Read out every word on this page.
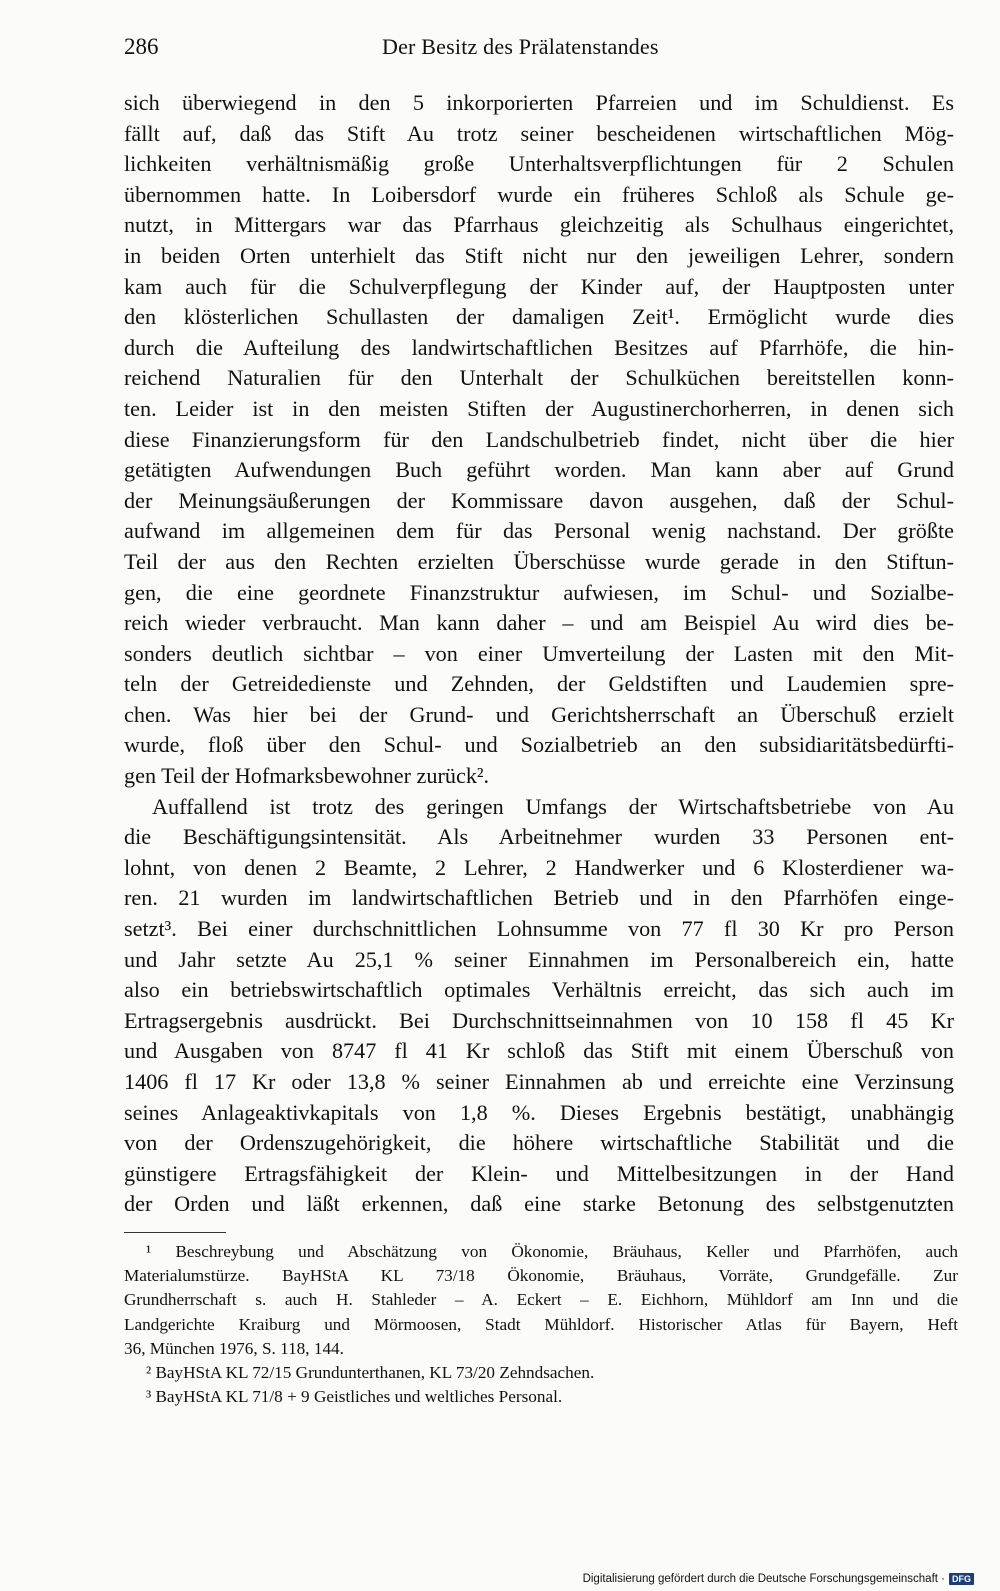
286	Der Besitz des Prälatenstandes
sich überwiegend in den 5 inkorporierten Pfarreien und im Schuldienst. Es
fällt auf, daß das Stift Au trotz seiner bescheidenen wirtschaftlichen Mög-
lichkeiten verhältnismäßig große Unterhaltsverpflichtungen für 2 Schulen
übernommen hatte. In Loibersdorf wurde ein früheres Schloß als Schule ge-
nutzt, in Mittergars war das Pfarrhaus gleichzeitig als Schulhaus eingerichtet,
in beiden Orten unterhielt das Stift nicht nur den jeweiligen Lehrer, sondern
kam auch für die Schulverpflegung der Kinder auf, der Hauptposten unter
den klösterlichen Schullasten der damaligen Zeit¹. Ermöglicht wurde dies
durch die Aufteilung des landwirtschaftlichen Besitzes auf Pfarrhöfe, die hin-
reichend Naturalien für den Unterhalt der Schulküchen bereitstellen konn-
ten. Leider ist in den meisten Stiften der Augustinerchorherren, in denen sich
diese Finanzierungsform für den Landschulbetrieb findet, nicht über die hier
getätigten Aufwendungen Buch geführt worden. Man kann aber auf Grund
der Meinungsäußerungen der Kommissare davon ausgehen, daß der Schul-
aufwand im allgemeinen dem für das Personal wenig nachstand. Der größte
Teil der aus den Rechten erzielten Überschüsse wurde gerade in den Stiftun-
gen, die eine geordnete Finanzstruktur aufwiesen, im Schul- und Sozialbe-
reich wieder verbraucht. Man kann daher – und am Beispiel Au wird dies be-
sonders deutlich sichtbar – von einer Umverteilung der Lasten mit den Mit-
teln der Getreidedienste und Zehnden, der Geldstiften und Laudemien spre-
chen. Was hier bei der Grund- und Gerichtsherrschaft an Überschuß erzielt
wurde, floß über den Schul- und Sozialbetrieb an den subsidiaritätsbedürfti-
gen Teil der Hofmarksbewohner zurück².
Auffallend ist trotz des geringen Umfangs der Wirtschaftsbetriebe von Au
die Beschäftigungsintensität. Als Arbeitnehmer wurden 33 Personen ent-
lohnt, von denen 2 Beamte, 2 Lehrer, 2 Handwerker und 6 Klosterdiener wa-
ren. 21 wurden im landwirtschaftlichen Betrieb und in den Pfarrhöfen einge-
setzt³. Bei einer durchschnittlichen Lohnsumme von 77 fl 30 Kr pro Person
und Jahr setzte Au 25,1 % seiner Einnahmen im Personalbereich ein, hatte
also ein betriebswirtschaftlich optimales Verhältnis erreicht, das sich auch im
Ertragsergebnis ausdrückt. Bei Durchschnittseinnahmen von 10 158 fl 45 Kr
und Ausgaben von 8747 fl 41 Kr schloß das Stift mit einem Überschuß von
1406 fl 17 Kr oder 13,8 % seiner Einnahmen ab und erreichte eine Verzinsung
seines Anlageaktivkapitals von 1,8 %. Dieses Ergebnis bestätigt, unabhängig
von der Ordenszugehörigkeit, die höhere wirtschaftliche Stabilität und die
günstigere Ertragsfähigkeit der Klein- und Mittelbesitzungen in der Hand
der Orden und läßt erkennen, daß eine starke Betonung des selbstgenutzten
¹ Beschreybung und Abschätzung von Ökonomie, Bräuhaus, Keller und Pfarrhöfen, auch
Materialumstürze. BayHStA KL 73/18 Ökonomie, Bräuhaus, Vorräte, Grundgefälle. Zur
Grundherrschaft s. auch H. Stahleder – A. Eckert – E. Eichhorn, Mühldorf am Inn und die
Landgerichte Kraiburg und Mörmoosen, Stadt Mühldorf. Historischer Atlas für Bayern, Heft
36, München 1976, S. 118, 144.
² BayHStA KL 72/15 Grundunterthanen, KL 73/20 Zehndsachen.
³ BayHStA KL 71/8 + 9 Geistliches und weltliches Personal.
Digitalisierung gefördert durch die Deutsche Forschungsgemeinschaft · DFG
